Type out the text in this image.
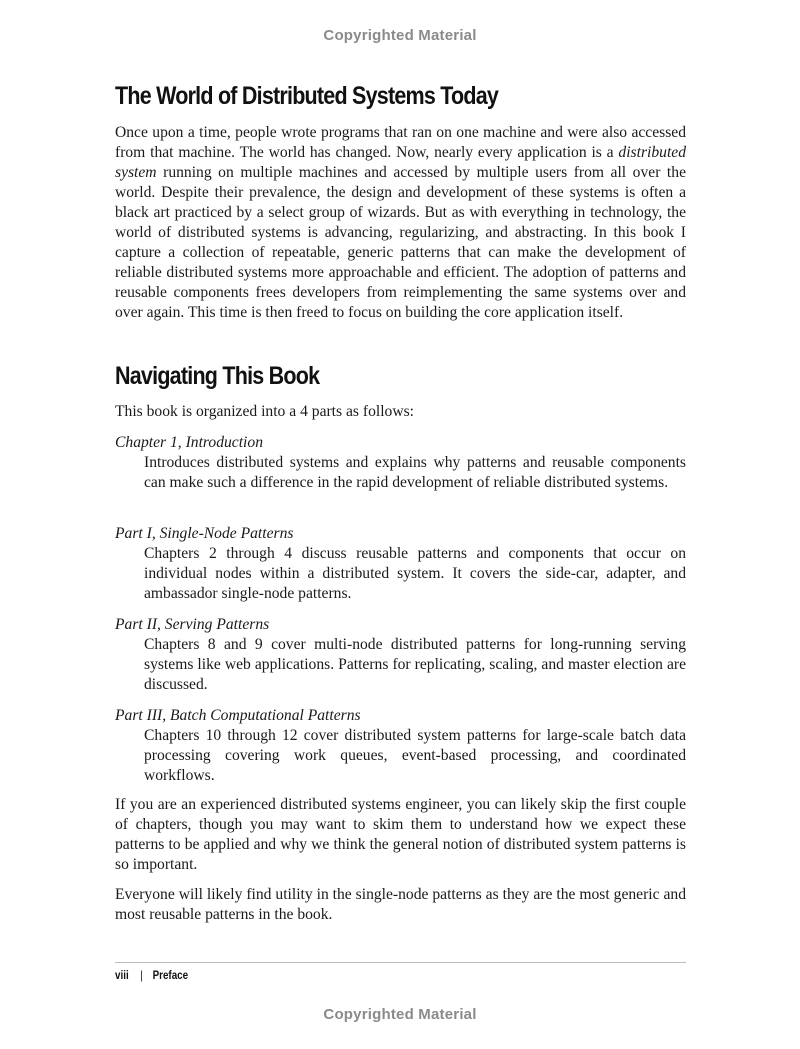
Copyrighted Material
The World of Distributed Systems Today

Once upon a time, people wrote programs that ran on one machine and were also accessed from that machine. The world has changed. Now, nearly every application is a distributed system running on multiple machines and accessed by multiple users from all over the world. Despite their prevalence, the design and development of these systems is often a black art practiced by a select group of wizards. But as with everything in technology, the world of distributed systems is advancing, regularizing, and abstracting. In this book I capture a collection of repeatable, generic patterns that can make the development of reliable distributed systems more approachable and efficient. The adoption of patterns and reusable components frees developers from reimplementing the same systems over and over again. This time is then freed to focus on building the core application itself.

Navigating This Book

This book is organized into a 4 parts as follows:

Chapter 1, Introduction
Introduces distributed systems and explains why patterns and reusable components can make such a difference in the rapid development of reliable distributed systems.
Part I, Single-Node Patterns
Chapters 2 through 4 discuss reusable patterns and components that occur on individual nodes within a distributed system. It covers the side-car, adapter, and ambassador single-node patterns.
Part II, Serving Patterns
Chapters 8 and 9 cover multi-node distributed patterns for long-running serving systems like web applications. Patterns for replicating, scaling, and master election are discussed.
Part III, Batch Computational Patterns
Chapters 10 through 12 cover distributed system patterns for large-scale batch data processing covering work queues, event-based processing, and coordinated workflows.

If you are an experienced distributed systems engineer, you can likely skip the first couple of chapters, though you may want to skim them to understand how we expect these patterns to be applied and why we think the general notion of distributed system patterns is so important.

Everyone will likely find utility in the single-node patterns as they are the most generic and most reusable patterns in the book.

viii | Preface
Copyrighted Material
